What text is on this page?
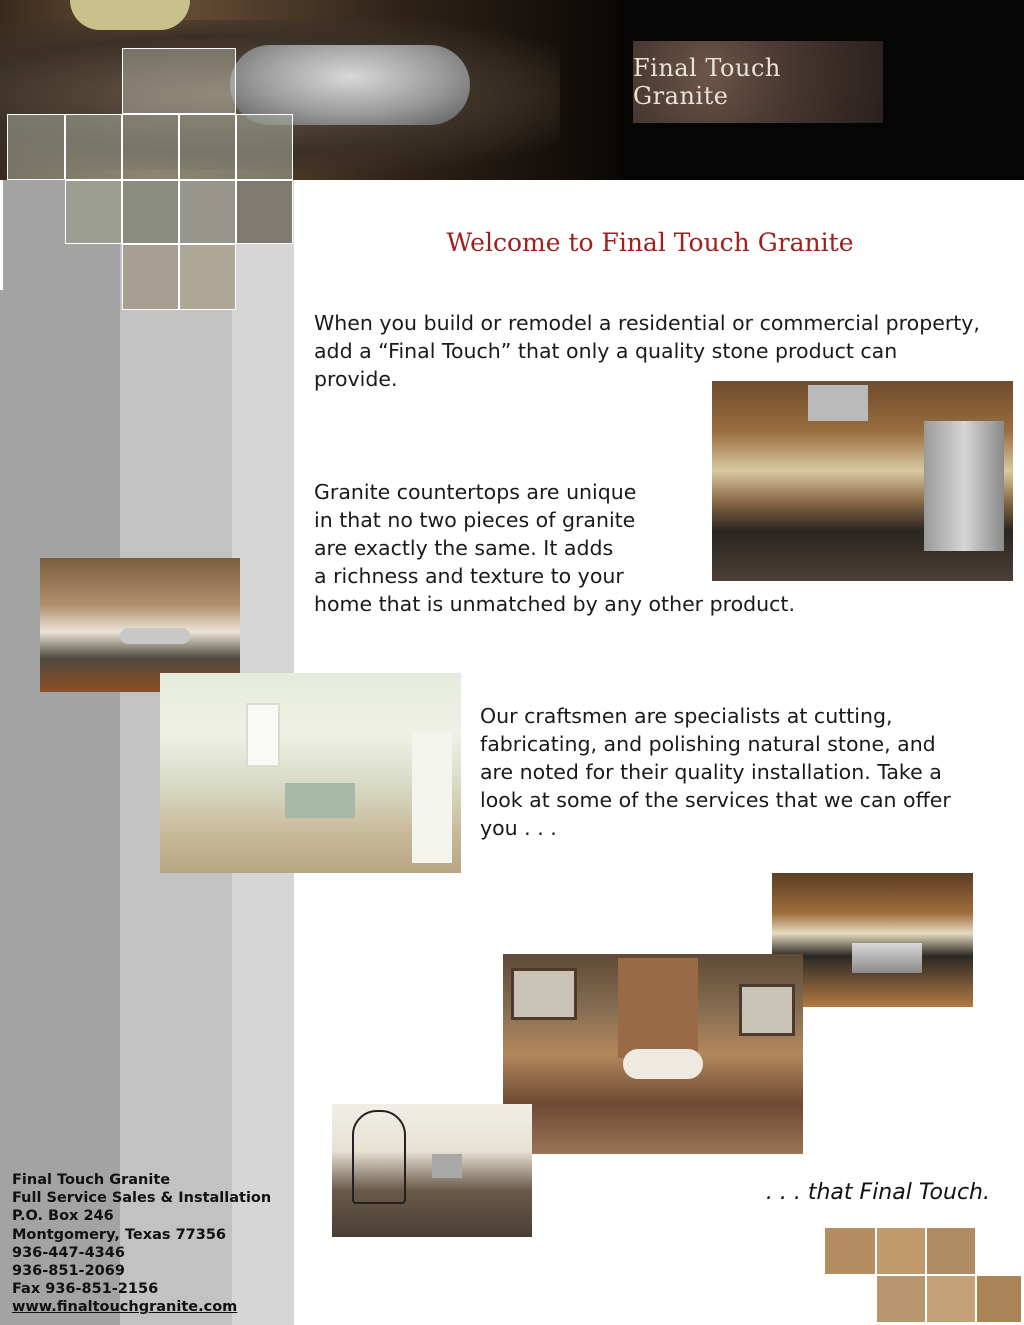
Final Touch Granite
Welcome to Final Touch Granite
When you build or remodel a residential or commercial property, add a “Final Touch” that only a quality stone product can provide.
Granite countertops are unique
in that no two pieces of granite
are exactly the same. It adds
a richness and texture to your
home that is unmatched by any other product.
Our craftsmen are specialists at cutting, fabricating, and polishing natural stone, and are noted for their quality installation. Take a look at some of the services that we can offer you . . .
. . . that Final Touch.
Final Touch Granite
Full Service Sales & Installation
P.O. Box 246
Montgomery, Texas 77356
936-447-4346
936-851-2069
Fax 936-851-2156
www.finaltouchgranite.com
